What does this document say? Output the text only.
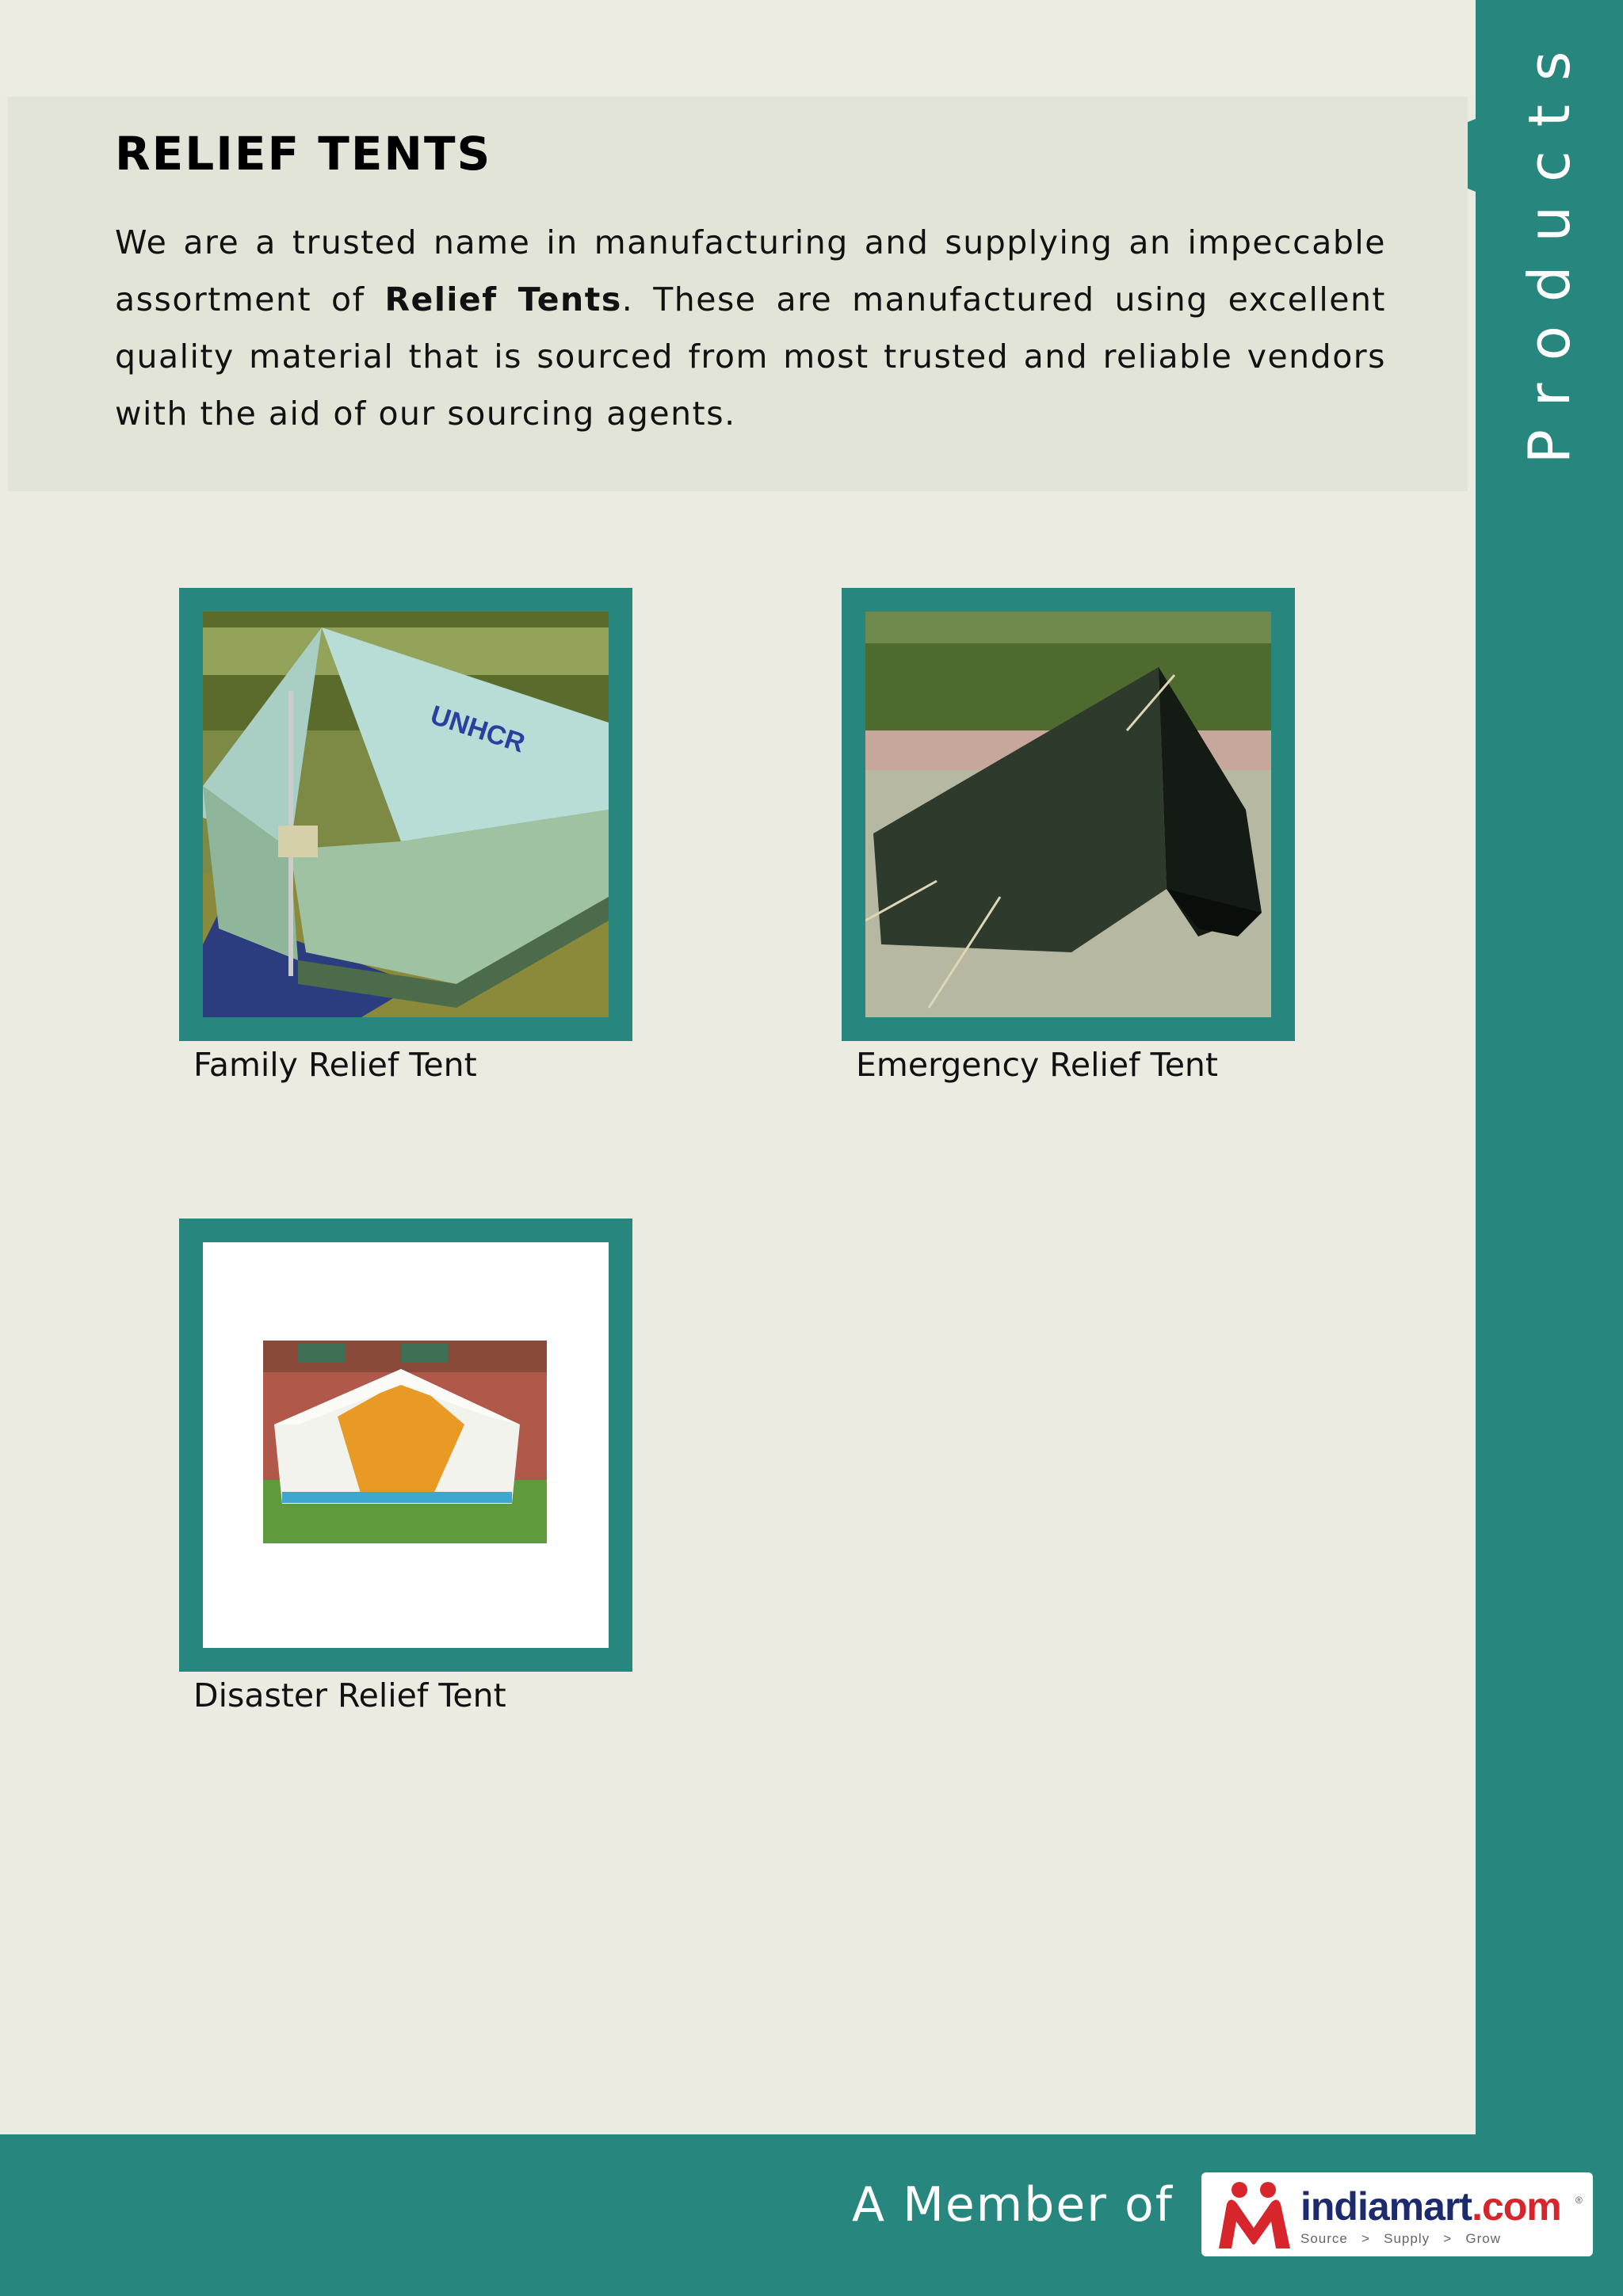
Products
RELIEF TENTS

We are a trusted name in manufacturing and supplying an impeccable assortment of Relief Tents. These are manufactured using excellent quality material that is sourced from most trusted and reliable vendors with the aid of our sourcing agents.

UNHCR
Family Relief Tent	Emergency Relief Tent
Disaster Relief Tent
A Member of	indiamart.com ®
Source   >   Supply   >   Grow
